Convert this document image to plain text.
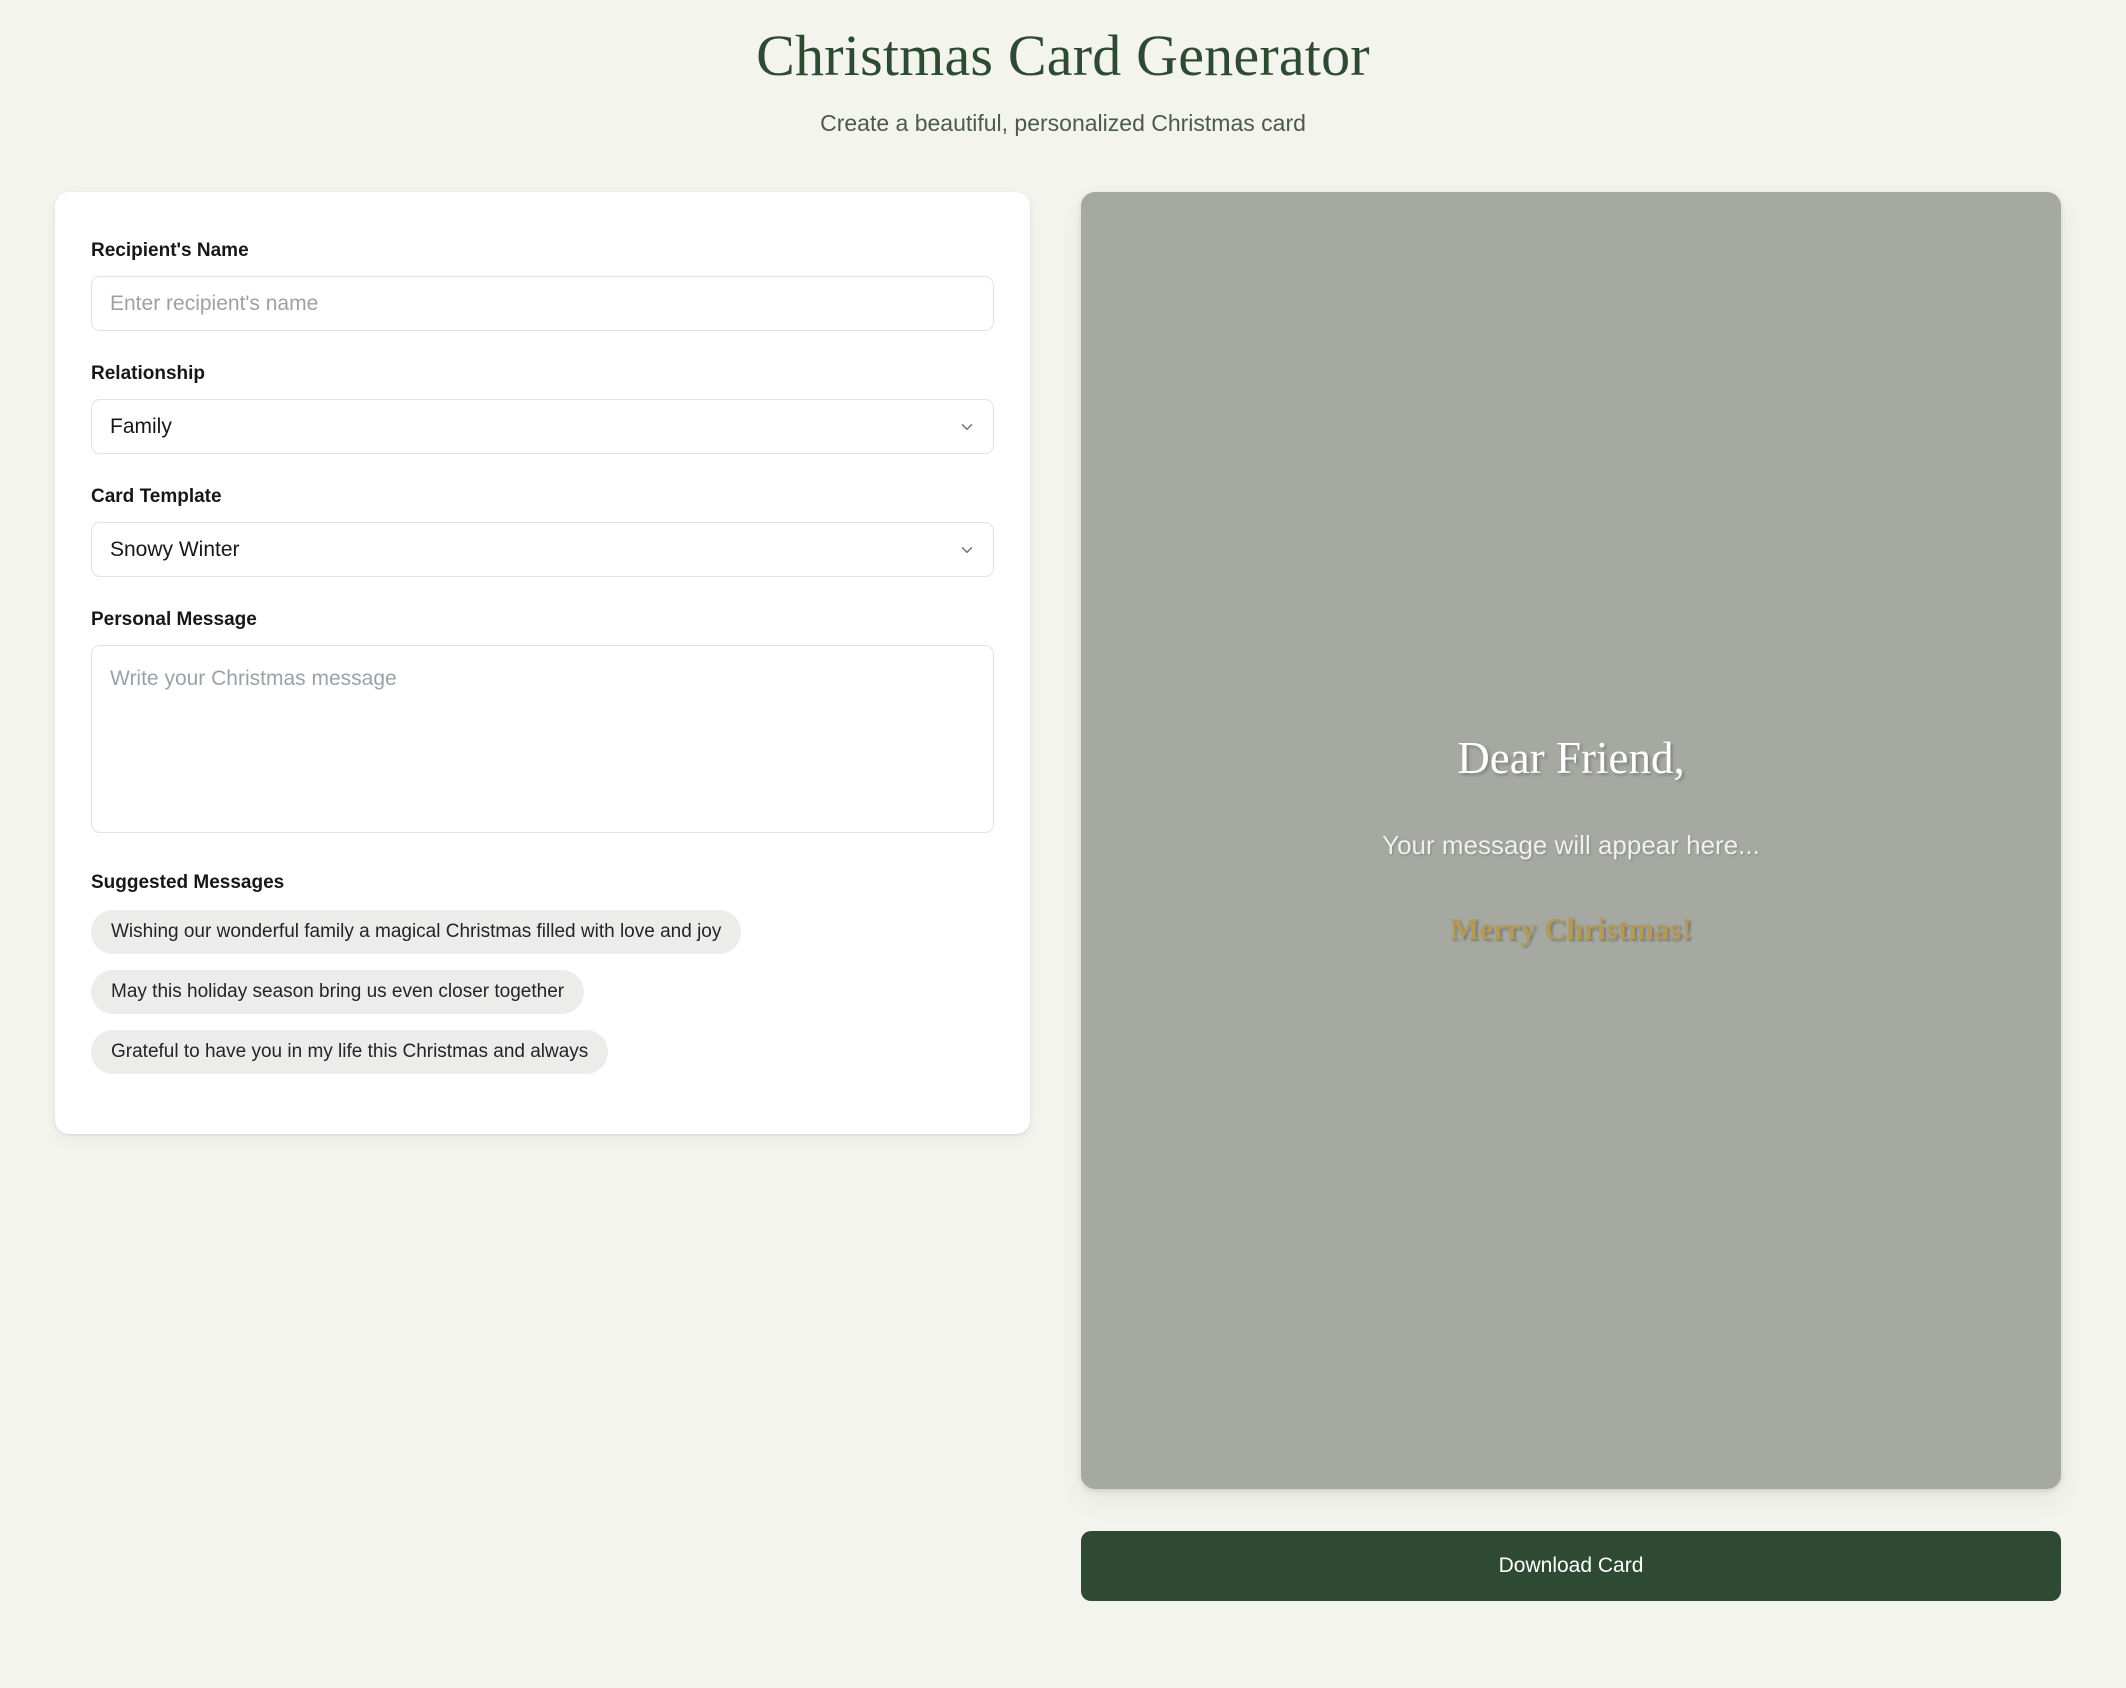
Christmas Card Generator

Create a beautiful, personalized Christmas card

Recipient's Name
Enter recipient's name
Relationship
Family
Card Template
Snowy Winter
Personal Message
Write your Christmas message
Suggested Messages
Wishing our wonderful family a magical Christmas filled with love and joy
May this holiday season bring us even closer together
Grateful to have you in my life this Christmas and always
Dear Friend,
Your message will appear here...
Merry Christmas!
Download Card
